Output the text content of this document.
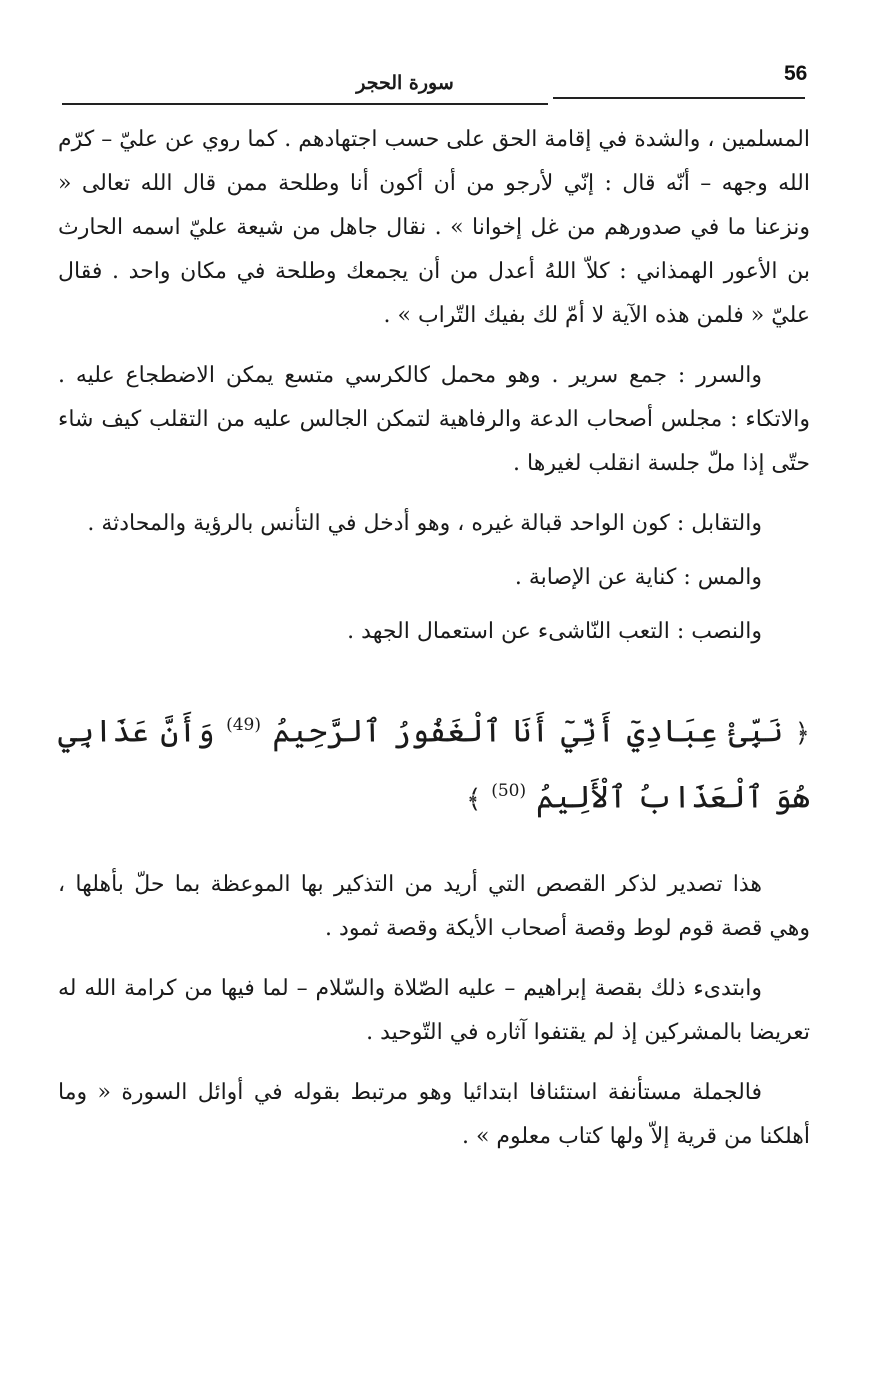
56
سورة الحجر

المسلمين ، والشدة في إقامة الحق على حسب اجتهادهم . كما روي عن عليّ – كرّم الله وجهه – أنّه قال : إنّي لأرجو من أن أكون أنا وطلحة ممن قال الله تعالى « ونزعنا ما في صدورهم من غل إخوانا » . نقال جاهل من شيعة عليّ اسمه الحارث بن الأعور الهمذاني : كلاّ اللهُ أعدل من أن يجمعك وطلحة في مكان واحد . فقال عليّ « فلمن هذه الآية لا أمّ لك بفيك التّراب » .

والسرر : جمع سرير . وهو محمل كالكرسي متسع يمكن الاضطجاع عليه . والاتكاء : مجلس أصحاب الدعة والرفاهية لتمكن الجالس عليه من التقلب كيف شاء حتّى إذا ملّ جلسة انقلب لغيرها .

والتقابل : كون الواحد قبالة غيره ، وهو أدخل في التأنس بالرؤية والمحادثة .

والمس : كناية عن الإصابة .

والنصب : التعب النّاشىء عن استعمال الجهد .

﴿ نَبِّئْ عِبَادِيٓ أَنِّيٓ أَنَا ٱلْغَفُورُ ٱلرَّحِيمُ $^{(49)}$ وَأَنَّ عَذَابِي هُوَ ٱلْعَذَابُ ٱلْأَلِيمُ $^{(50)}$ ﴾

هذا تصدير لذكر القصص التي أريد من التذكير بها الموعظة بما حلّ بأهلها ، وهي قصة قوم لوط وقصة أصحاب الأيكة وقصة ثمود .

وابتدىء ذلك بقصة إبراهيم – عليه الصّلاة والسّلام – لما فيها من كرامة الله له تعريضا بالمشركين إذ لم يقتفوا آثاره في التّوحيد .

فالجملة مستأنفة استئنافا ابتدائيا وهو مرتبط بقوله في أوائل السورة « وما أهلكنا من قرية إلاّ ولها كتاب معلوم » .
